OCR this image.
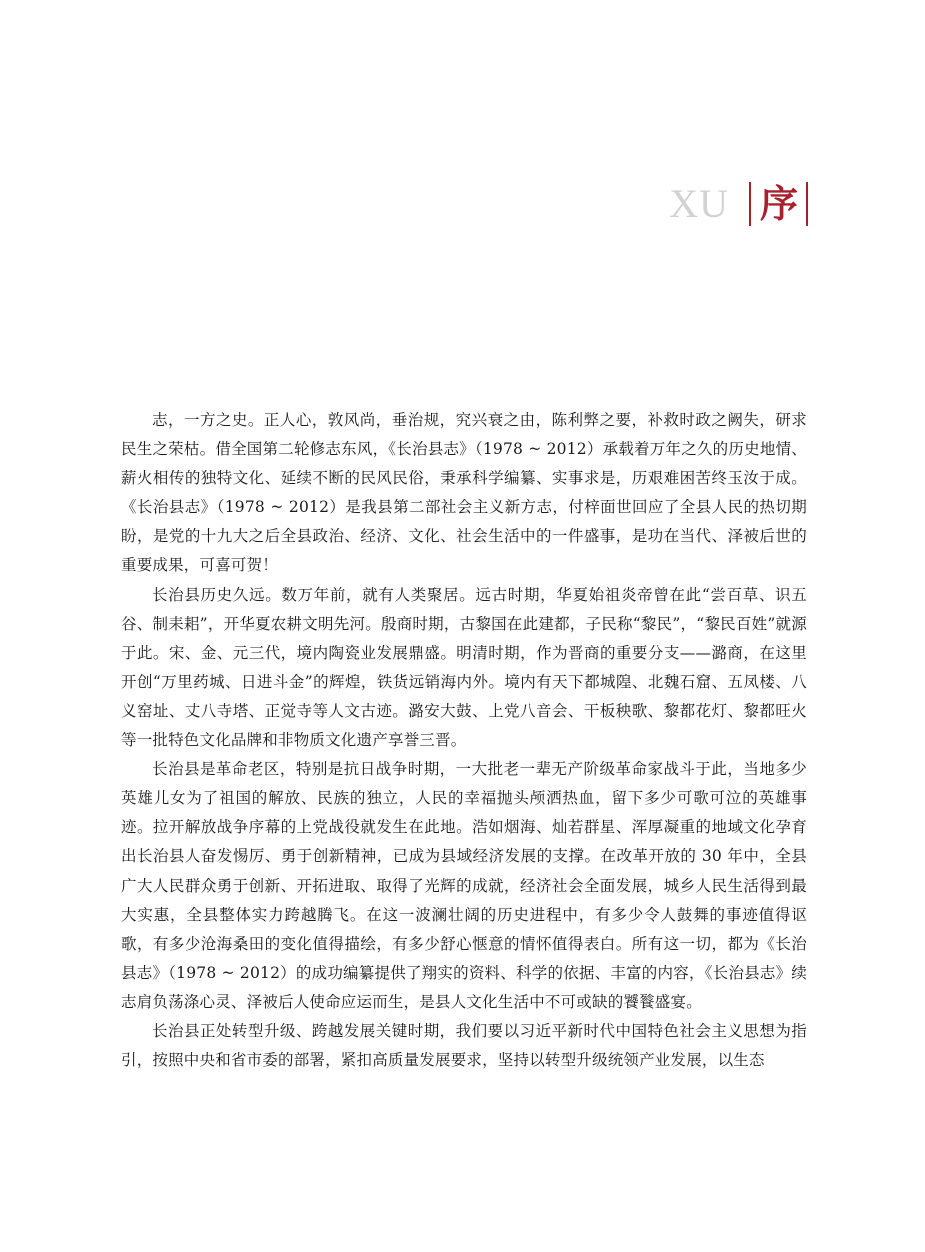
XU 序

志，一方之史。正人心，敦风尚，垂治规，究兴衰之由，陈利弊之要，补救时政之阙失，研求民生之荣枯。借全国第二轮修志东风，《长治县志》（1978 ~ 2012）承载着万年之久的历史地情、薪火相传的独特文化、延续不断的民风民俗，秉承科学编纂、实事求是，历艰难困苦终玉汝于成。《长治县志》（1978 ~ 2012）是我县第二部社会主义新方志，付梓面世回应了全县人民的热切期盼，是党的十九大之后全县政治、经济、文化、社会生活中的一件盛事，是功在当代、泽被后世的重要成果，可喜可贺！

长治县历史久远。数万年前，就有人类聚居。远古时期，华夏始祖炎帝曾在此“尝百草、识五谷、制耒耜”，开华夏农耕文明先河。殷商时期，古黎国在此建都，子民称“黎民”，“黎民百姓”就源于此。宋、金、元三代，境内陶瓷业发展鼎盛。明清时期，作为晋商的重要分支——潞商，在这里开创“万里药城、日进斗金”的辉煌，铁货远销海内外。境内有天下都城隍、北魏石窟、五凤楼、八义窑址、丈八寺塔、正觉寺等人文古迹。潞安大鼓、上党八音会、干板秧歌、黎都花灯、黎都旺火等一批特色文化品牌和非物质文化遗产享誉三晋。

长治县是革命老区，特别是抗日战争时期，一大批老一辈无产阶级革命家战斗于此，当地多少英雄儿女为了祖国的解放、民族的独立，人民的幸福抛头颅洒热血，留下多少可歌可泣的英雄事迹。拉开解放战争序幕的上党战役就发生在此地。浩如烟海、灿若群星、浑厚凝重的地域文化孕育出长治县人奋发惕厉、勇于创新精神，已成为县域经济发展的支撑。在改革开放的 30 年中，全县广大人民群众勇于创新、开拓进取、取得了光辉的成就，经济社会全面发展，城乡人民生活得到最大实惠，全县整体实力跨越腾飞。在这一波澜壮阔的历史进程中，有多少令人鼓舞的事迹值得讴歌，有多少沧海桑田的变化值得描绘，有多少舒心惬意的情怀值得表白。所有这一切，都为《长治县志》（1978 ~ 2012）的成功编纂提供了翔实的资料、科学的依据、丰富的内容，《长治县志》续志肩负荡涤心灵、泽被后人使命应运而生，是县人文化生活中不可或缺的饕餮盛宴。

长治县正处转型升级、跨越发展关键时期，我们要以习近平新时代中国特色社会主义思想为指引，按照中央和省市委的部署，紧扣高质量发展要求，坚持以转型升级统领产业发展，以生态
